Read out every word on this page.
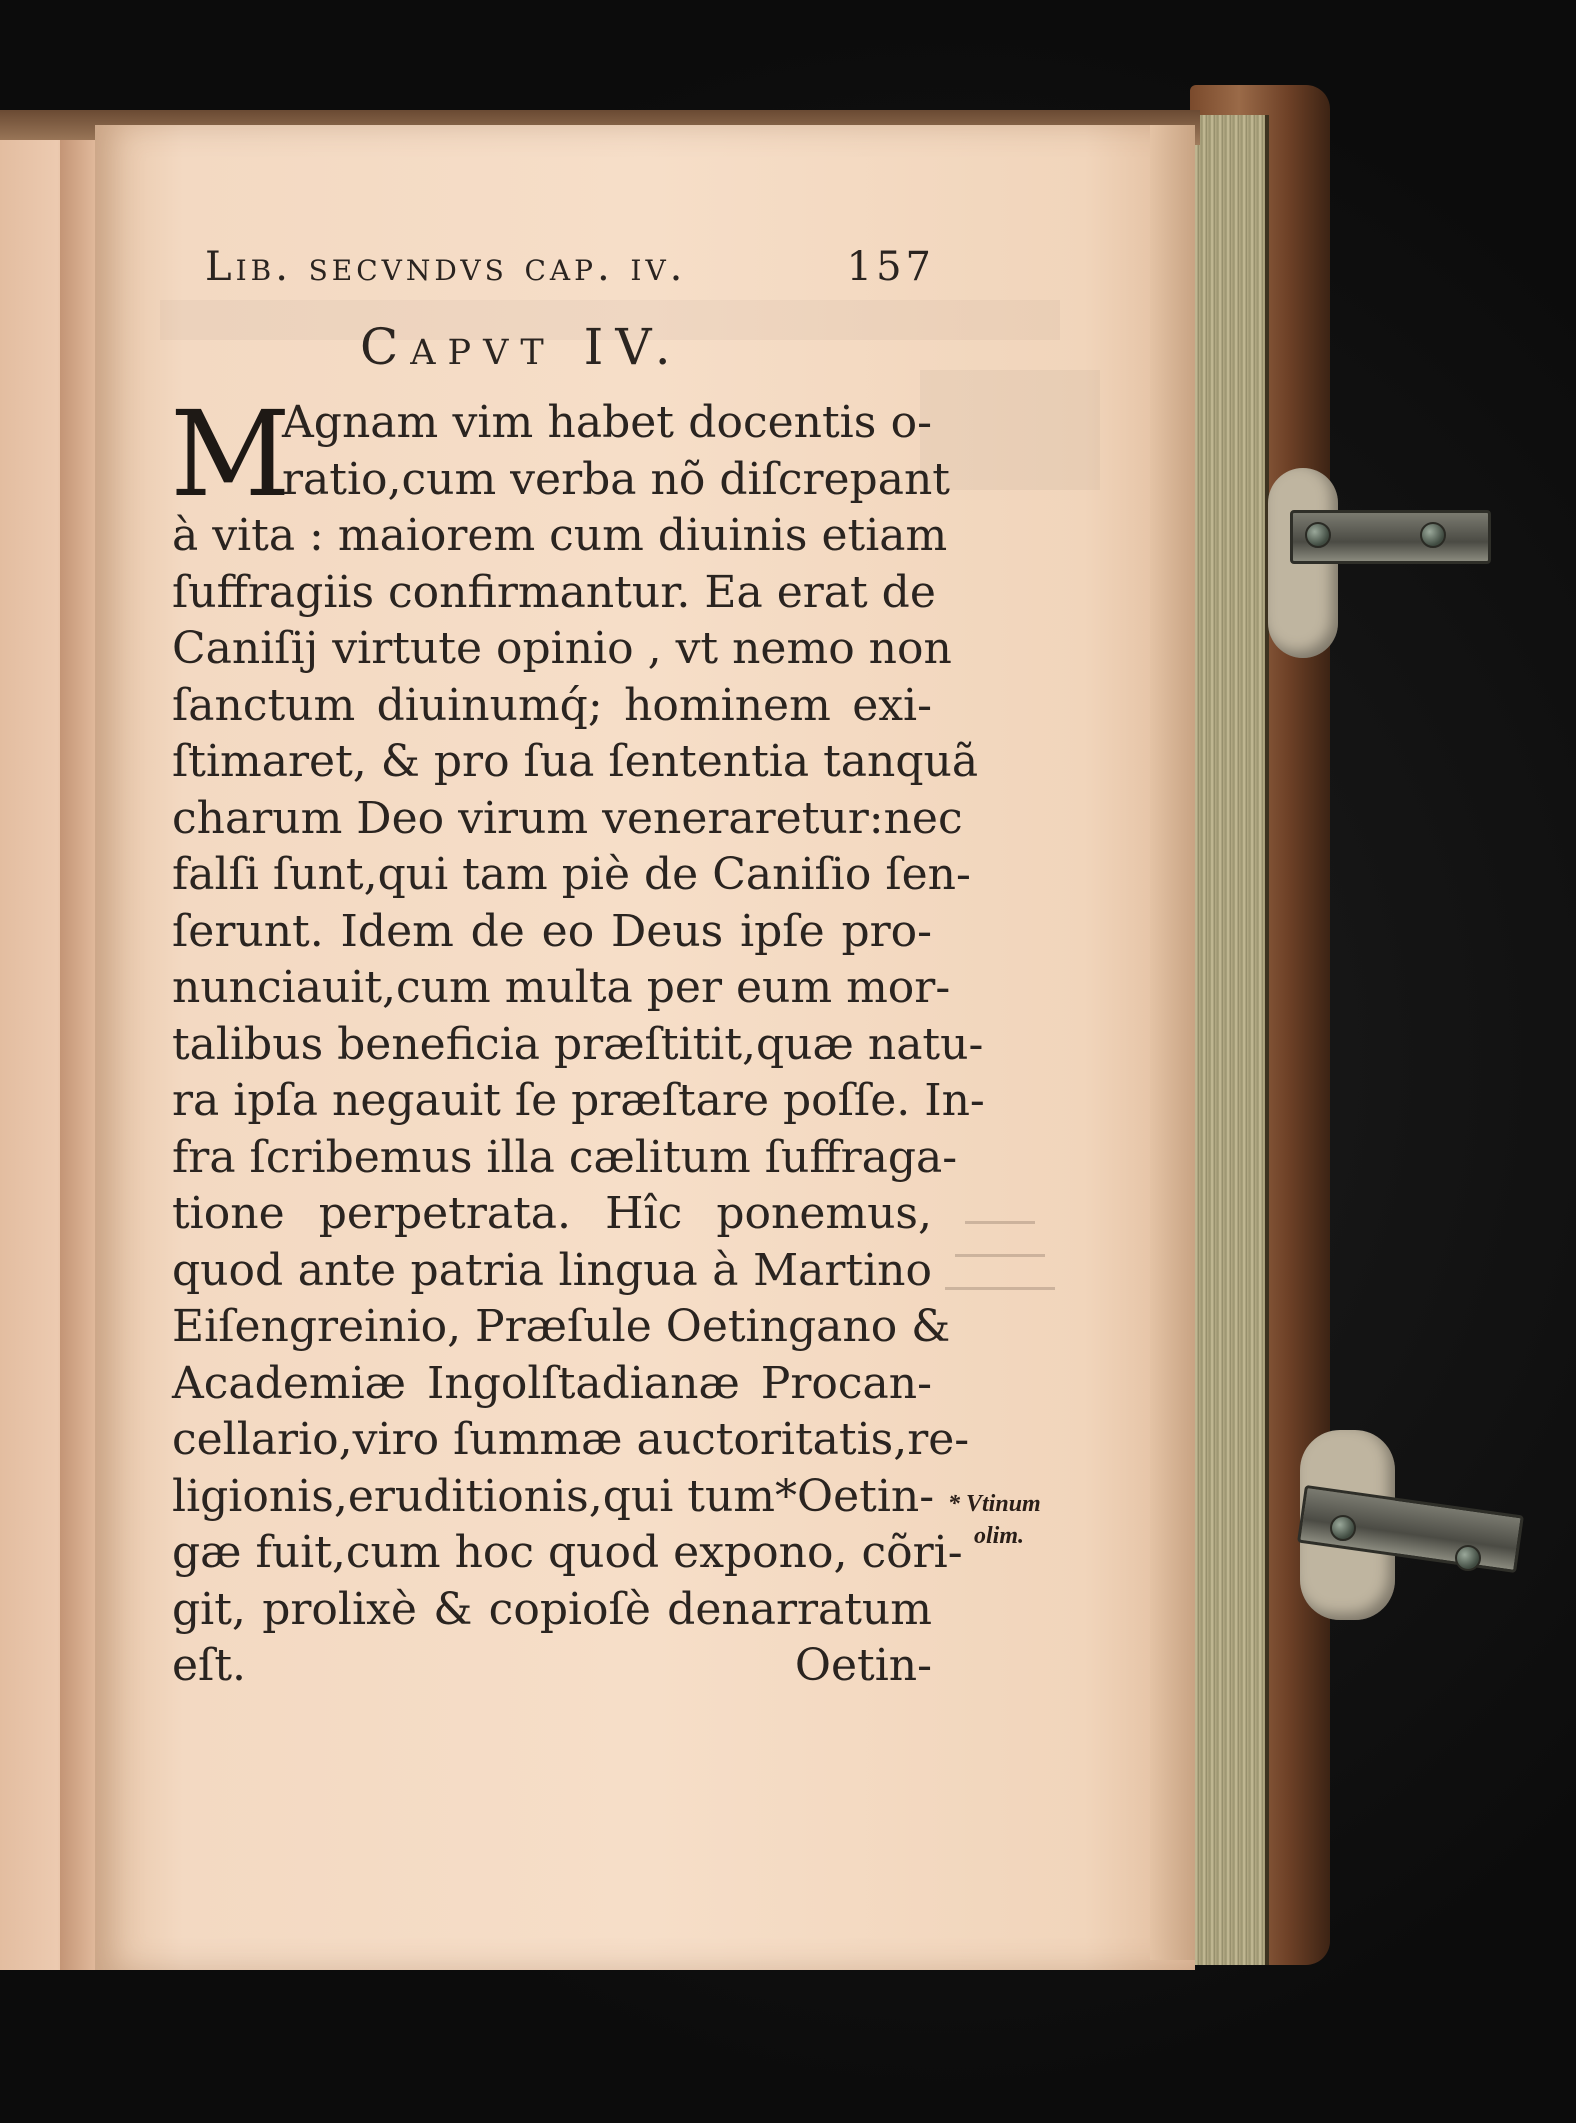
Lib. secvndvs cap. iv.	157
Capvt IV.
M
Agnam vim habet docentis o-
ratio,cum verba nõ diſcrepant
à vita : maiorem cum diuinis etiam
ſuffragiis confirmantur. Ea erat de
Caniſij virtute opinio , vt nemo non
ſanctum diuinumq́; hominem exi-
ſtimaret, & pro ſua ſententia tanquã
charum Deo virum veneraretur:nec
falſi ſunt,qui tam piè de Caniſio ſen-
ſerunt. Idem de eo Deus ipſe pro-
nunciauit,cum multa per eum mor-
talibus beneficia præſtitit,quæ natu-
ra ipſa negauit ſe præſtare poſſe. In-
fra ſcribemus illa cælitum ſuffraga-
tione perpetrata. Hîc ponemus,
quod ante patria lingua à Martino
Eiſengreinio, Præſule Oetingano &
Academiæ Ingolſtadianæ Procan-
cellario,viro ſummæ auctoritatis,re-
ligionis,eruditionis,qui tum*Oetin-
gæ fuit,cum hoc quod expono, cõri-
git, prolixè & copioſè denarratum
eſt.	Oetin-
* Vtinum
olim.
